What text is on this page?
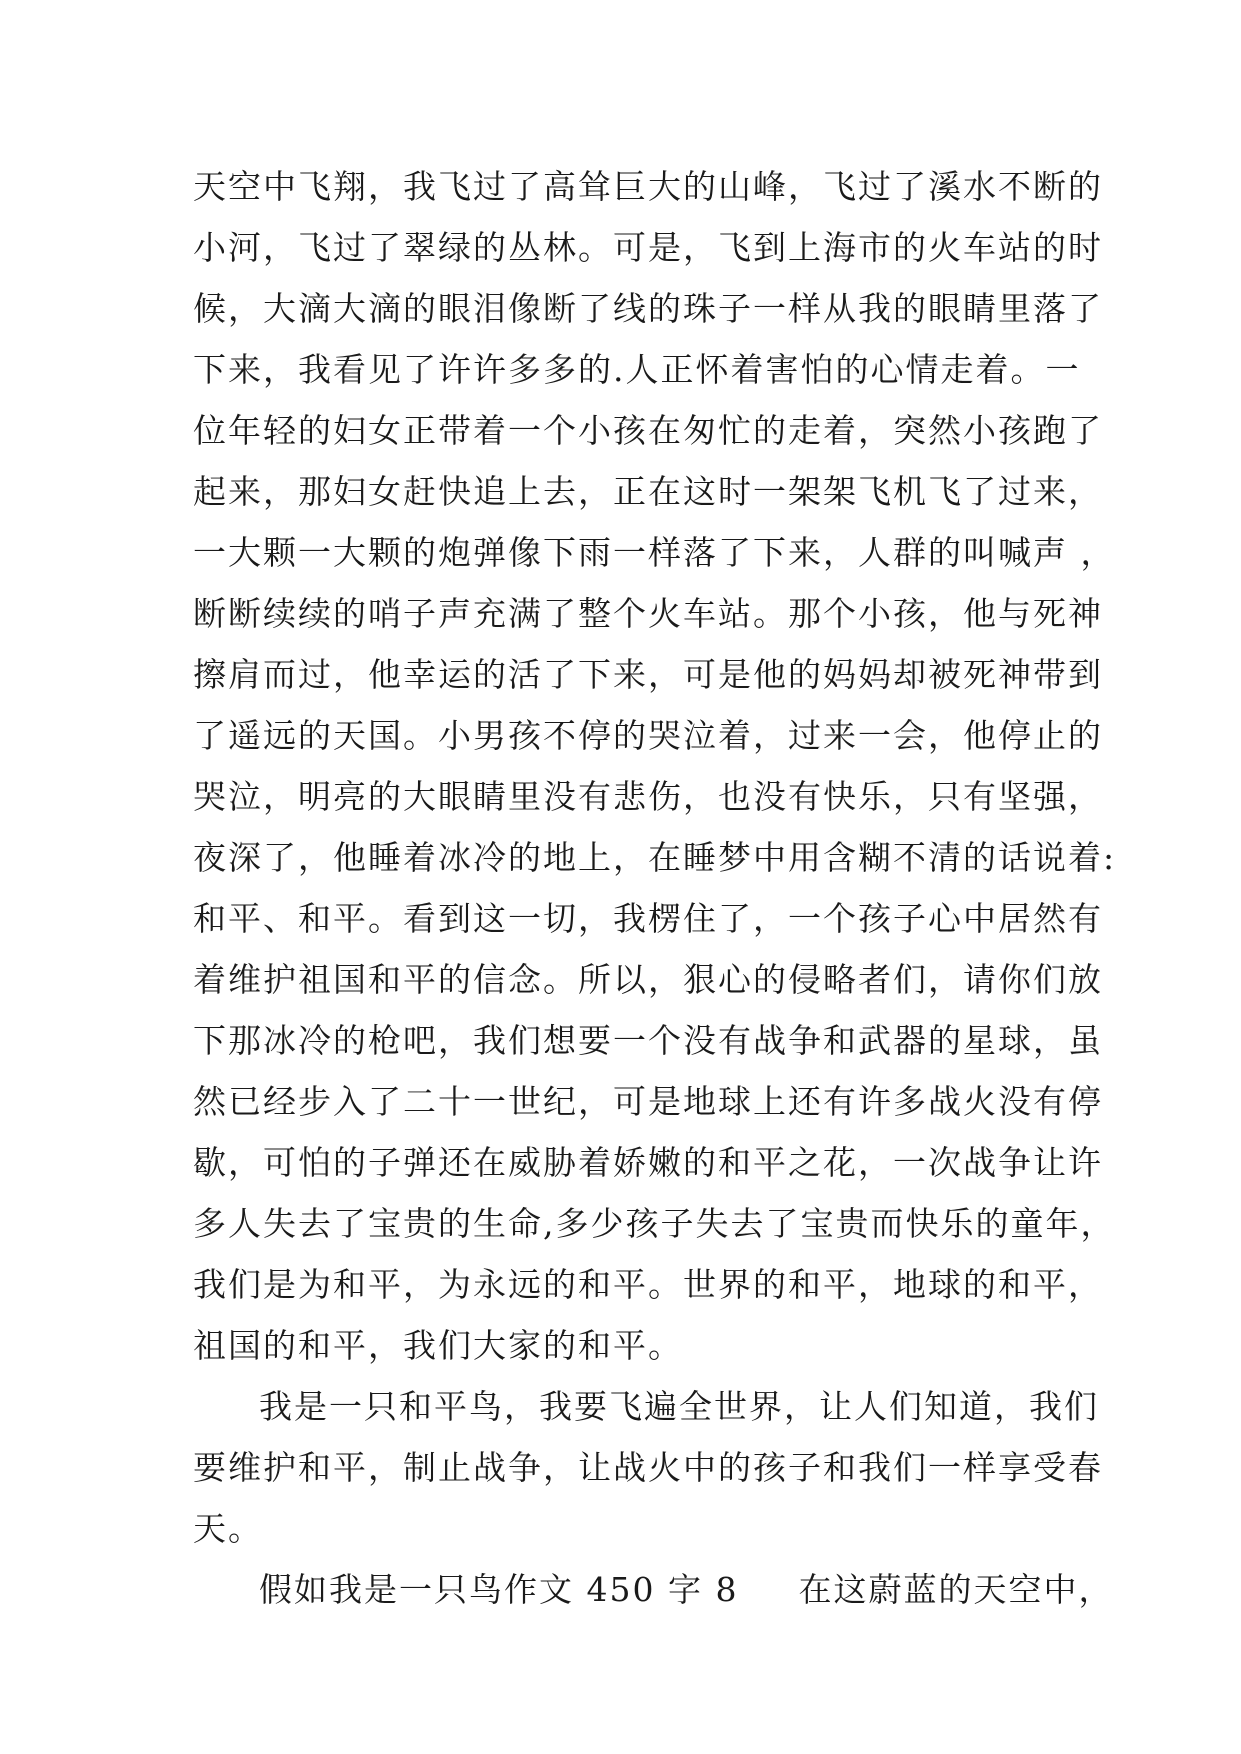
天空中飞翔，我飞过了高耸巨大的山峰，飞过了溪水不断的
小河，飞过了翠绿的丛林。可是，飞到上海市的火车站的时
候，大滴大滴的眼泪像断了线的珠子一样从我的眼睛里落了
下来，我看见了许许多多的.人正怀着害怕的心情走着。一
位年轻的妇女正带着一个小孩在匆忙的走着，突然小孩跑了
起来，那妇女赶快追上去，正在这时一架架飞机飞了过来，
一大颗一大颗的炮弹像下雨一样落了下来，人群的叫喊声 ，
断断续续的哨子声充满了整个火车站。那个小孩，他与死神
擦肩而过，他幸运的活了下来，可是他的妈妈却被死神带到
了遥远的天国。小男孩不停的哭泣着，过来一会，他停止的
哭泣，明亮的大眼睛里没有悲伤，也没有快乐，只有坚强，
夜深了，他睡着冰冷的地上，在睡梦中用含糊不清的话说着:
和平、和平。看到这一切，我楞住了，一个孩子心中居然有
着维护祖国和平的信念。所以，狠心的侵略者们，请你们放
下那冰冷的枪吧，我们想要一个没有战争和武器的星球，虽
然已经步入了二十一世纪，可是地球上还有许多战火没有停
歇，可怕的子弹还在威胁着娇嫩的和平之花，一次战争让许
多人失去了宝贵的生命,多少孩子失去了宝贵而快乐的童年，
我们是为和平，为永远的和平。世界的和平，地球的和平，
祖国的和平，我们大家的和平。
我是一只和平鸟，我要飞遍全世界，让人们知道，我们
要维护和平，制止战争，让战火中的孩子和我们一样享受春
天。
假如我是一只鸟作文 450 字 8 在这蔚蓝的天空中，
